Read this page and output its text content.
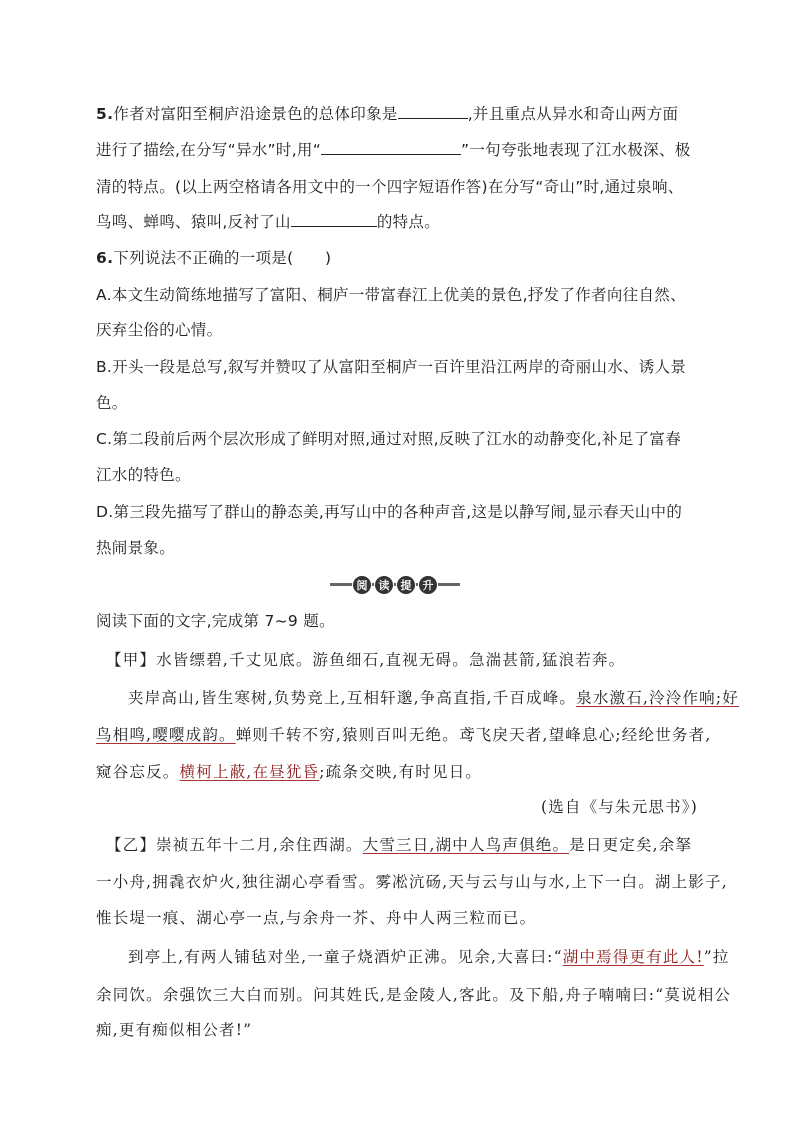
5.作者对富阳至桐庐沿途景色的总体印象是	,并且重点从异水和奇山两方面
进行了描绘,在分写“异水”时,用“	”一句夸张地表现了江水极深、极
清的特点。(以上两空格请各用文中的一个四字短语作答)在分写“奇山”时,通过泉响、
鸟鸣、蝉鸣、猿叫,反衬了山	的特点。
6.下列说法不正确的一项是(　　)
A.本文生动简练地描写了富阳、桐庐一带富春江上优美的景色,抒发了作者向往自然、
厌弃尘俗的心情。
B.开头一段是总写,叙写并赞叹了从富阳至桐庐一百许里沿江两岸的奇丽山水、诱人景
色。
C.第二段前后两个层次形成了鲜明对照,通过对照,反映了江水的动静变化,补足了富春
江水的特色。
D.第三段先描写了群山的静态美,再写山中的各种声音,这是以静写闹,显示春天山中的
热闹景象。
阅	读	提	升
阅读下面的文字,完成第 7~9 题。
【甲】水皆缥碧,千丈见底。游鱼细石,直视无碍。急湍甚箭,猛浪若奔。
夹岸高山,皆生寒树,负势竞上,互相轩邈,争高直指,千百成峰。泉水激石,泠泠作响;好
鸟相鸣,嘤嘤成韵。蝉则千转不穷,猿则百叫无绝。鸢飞戾天者,望峰息心;经纶世务者,
窥谷忘反。横柯上蔽,在昼犹昏;疏条交映,有时见日。
(选自《与朱元思书》)
【乙】崇祯五年十二月,余住西湖。大雪三日,湖中人鸟声俱绝。是日更定矣,余拏
一小舟,拥毳衣炉火,独往湖心亭看雪。雾凇沆砀,天与云与山与水,上下一白。湖上影子,
惟长堤一痕、湖心亭一点,与余舟一芥、舟中人两三粒而已。
到亭上,有两人铺毡对坐,一童子烧酒炉正沸。见余,大喜曰:“湖中焉得更有此人!”拉
余同饮。余强饮三大白而别。问其姓氏,是金陵人,客此。及下船,舟子喃喃曰:“莫说相公
痴,更有痴似相公者!”
